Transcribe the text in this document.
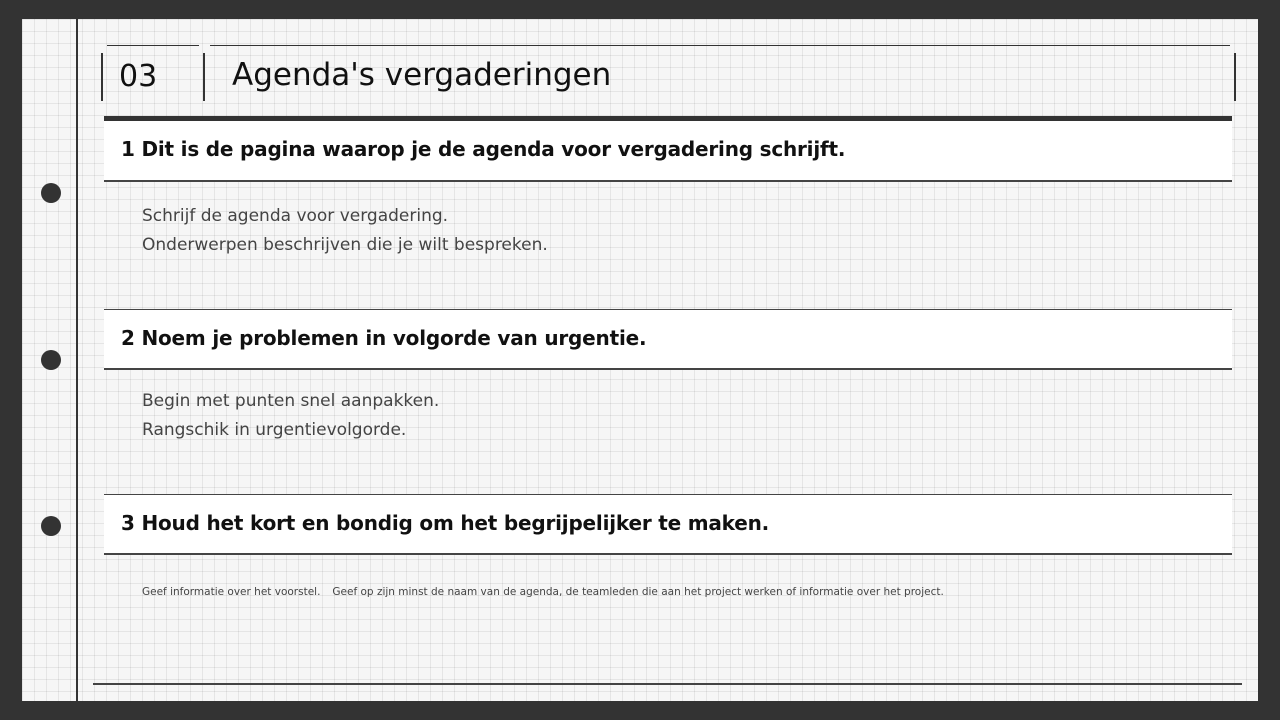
03 Agenda's vergaderingen
1 Dit is de pagina waarop je de agenda voor vergadering schrijft.
Schrijf de agenda voor vergadering.
Onderwerpen beschrijven die je wilt bespreken.
2 Noem je problemen in volgorde van urgentie.
Begin met punten snel aanpakken.
Rangschik in urgentievolgorde.
3 Houd het kort en bondig om het begrijpelijker te maken.
Geef informatie over het voorstel. Geef op zijn minst de naam van de agenda, de teamleden die aan het project werken of informatie over het project.
